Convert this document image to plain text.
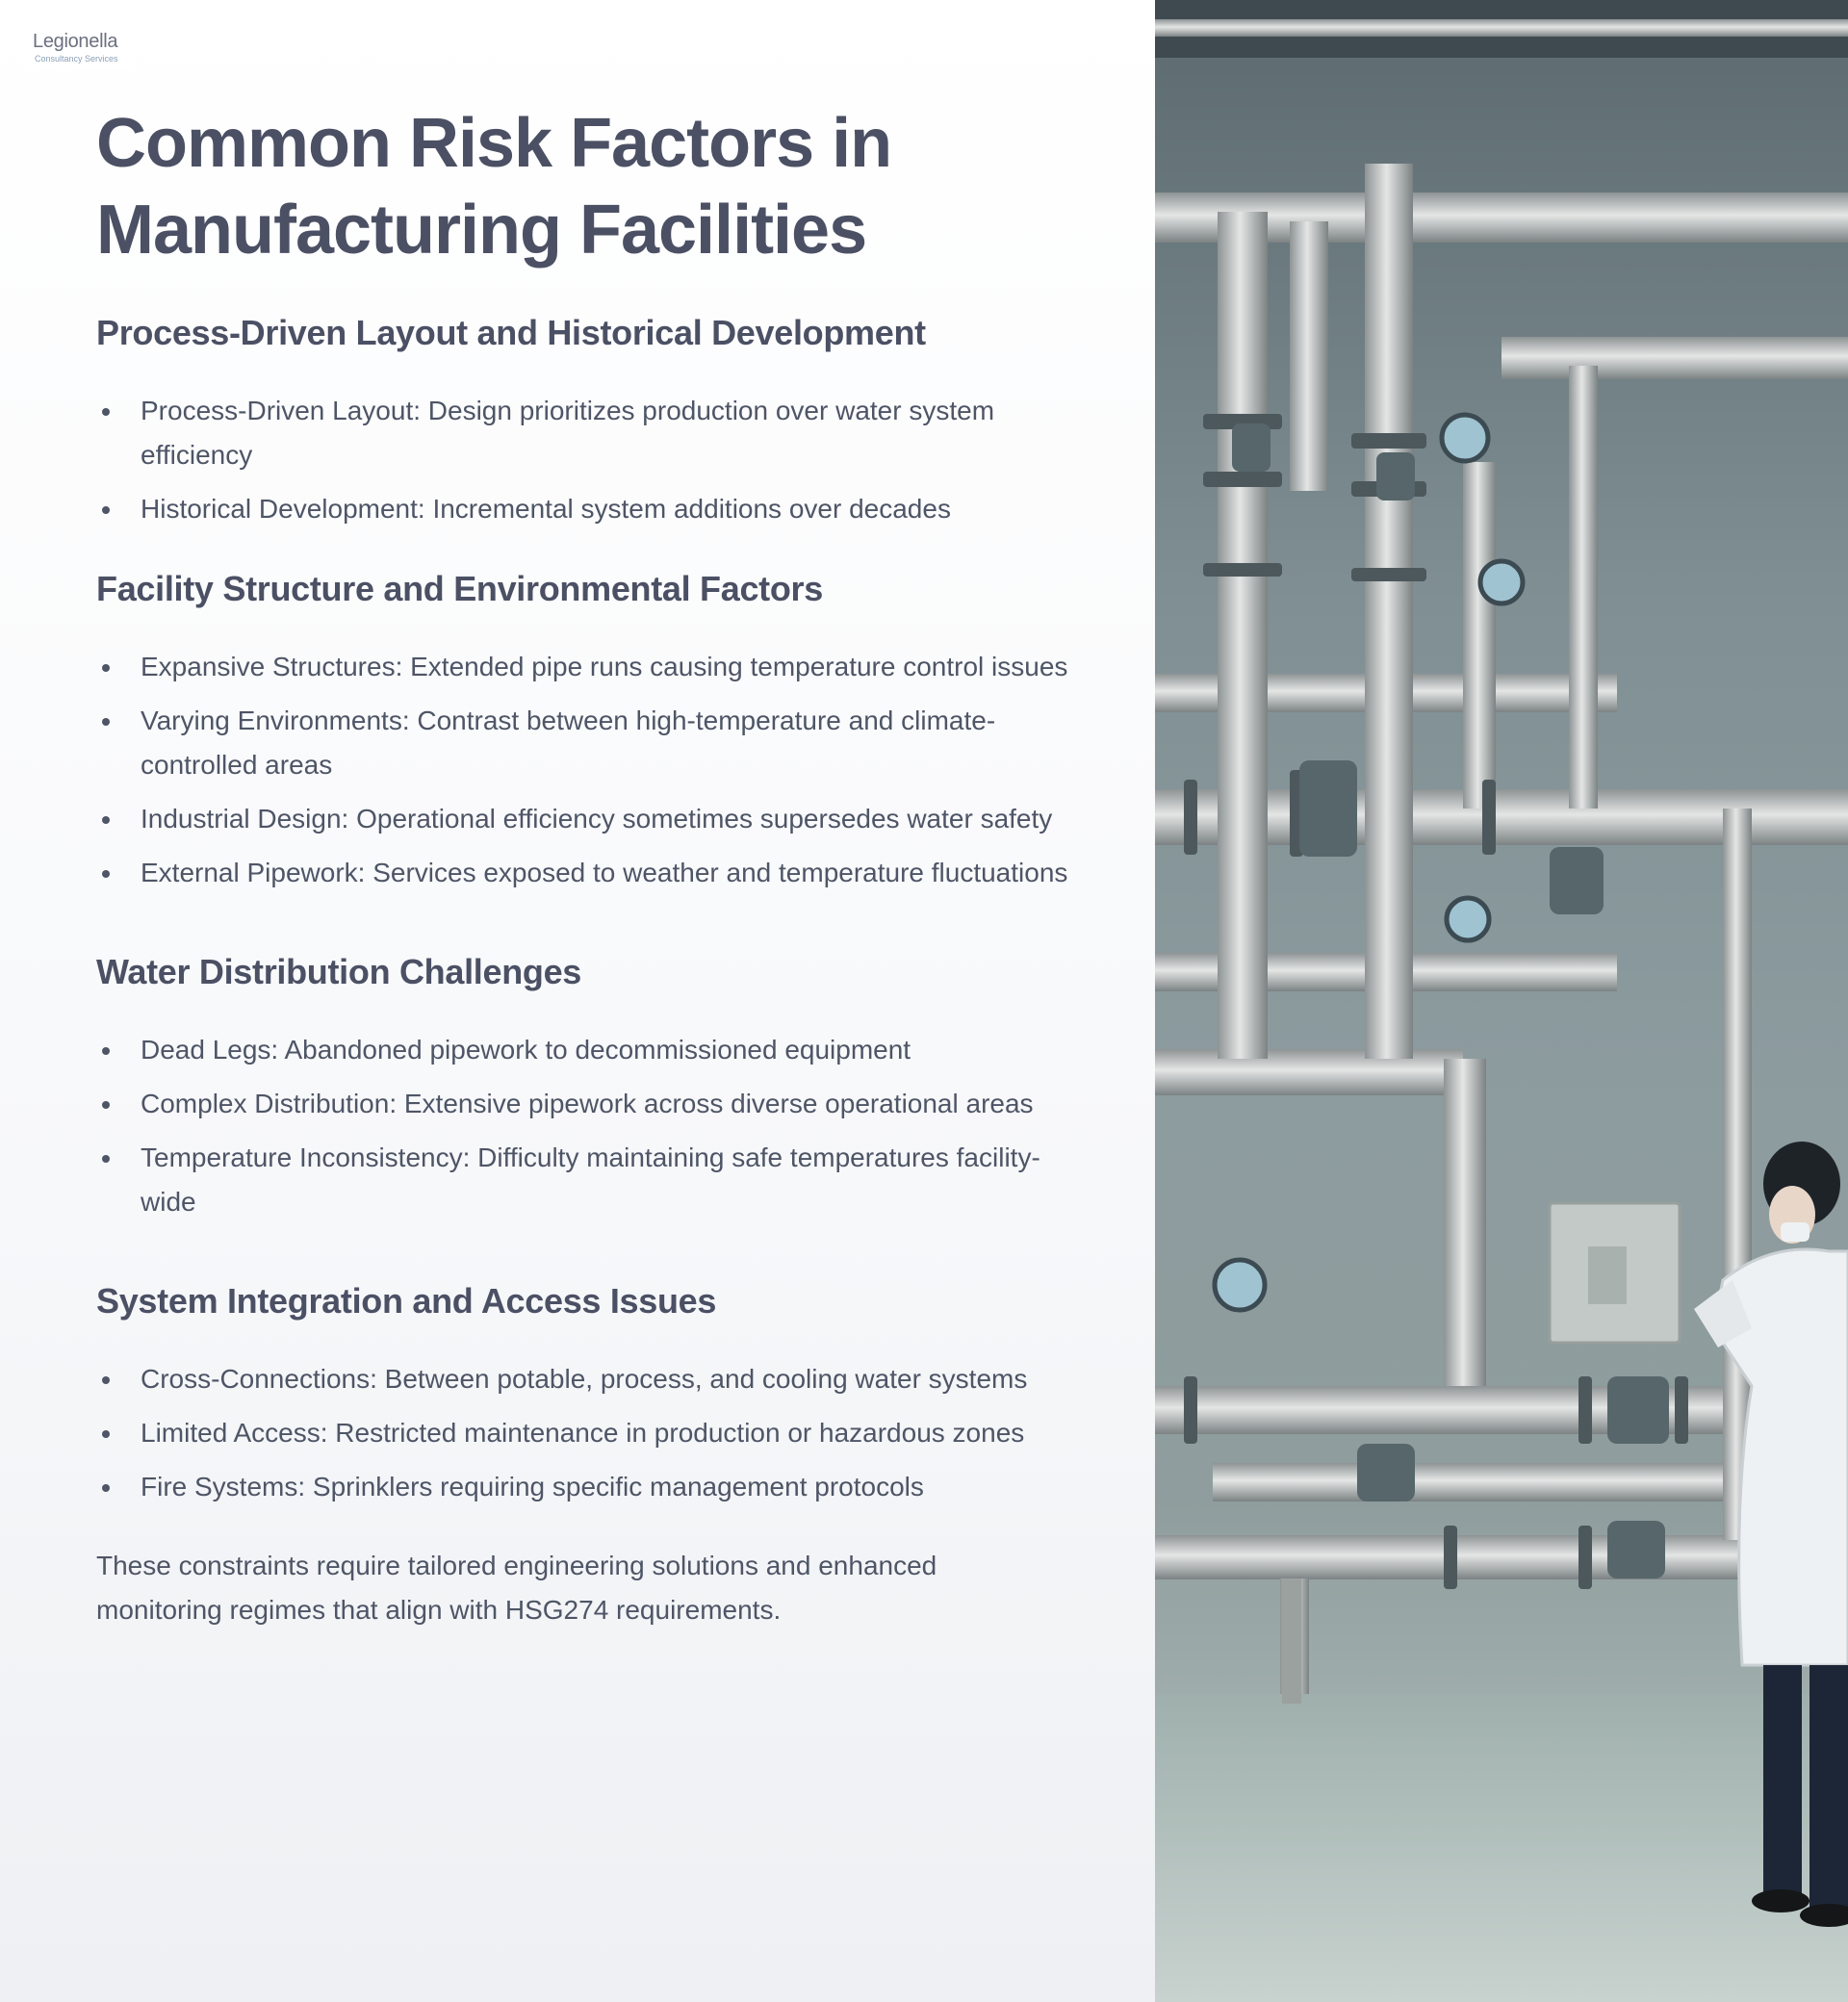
Legionella
Consultancy Services
Common Risk Factors in Manufacturing Facilities
Process-Driven Layout and Historical Development
Process-Driven Layout: Design prioritizes production over water system efficiency
Historical Development: Incremental system additions over decades
Facility Structure and Environmental Factors
Expansive Structures: Extended pipe runs causing temperature control issues
Varying Environments: Contrast between high-temperature and climate-controlled areas
Industrial Design: Operational efficiency sometimes supersedes water safety
External Pipework: Services exposed to weather and temperature fluctuations
Water Distribution Challenges
Dead Legs: Abandoned pipework to decommissioned equipment
Complex Distribution: Extensive pipework across diverse operational areas
Temperature Inconsistency: Difficulty maintaining safe temperatures facility-wide
System Integration and Access Issues
Cross-Connections: Between potable, process, and cooling water systems
Limited Access: Restricted maintenance in production or hazardous zones
Fire Systems: Sprinklers requiring specific management protocols

These constraints require tailored engineering solutions and enhanced monitoring regimes that align with HSG274 requirements.
